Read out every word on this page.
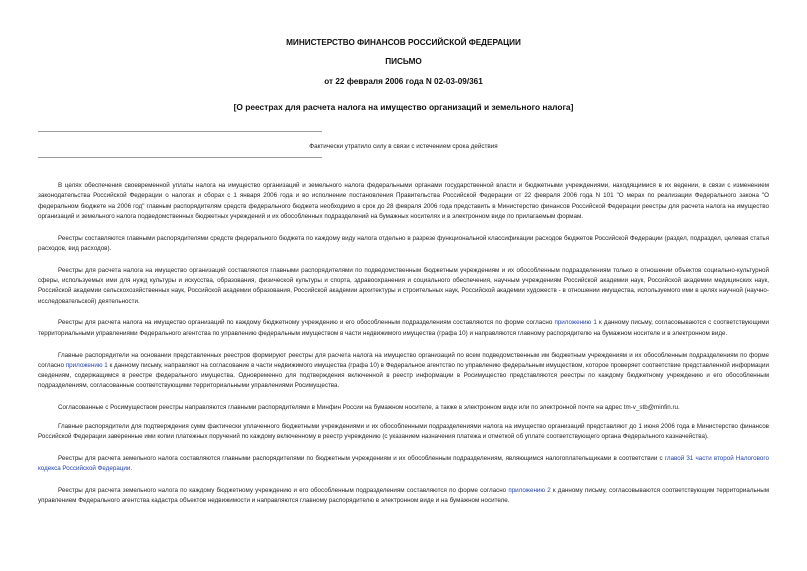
МИНИСТЕРСТВО ФИНАНСОВ РОССИЙСКОЙ ФЕДЕРАЦИИ
ПИСЬМО
от 22 февраля 2006 года N 02-03-09/361
[О реестрах для расчета налога на имущество организаций и земельного налога]
Фактически утратило силу в связи с истечением срока действия

В целях обеспечения своевременной уплаты налога на имущество организаций и земельного налога федеральными органами государственной власти и бюджетными учреждениями, находящимися в их ведении, в связи с изменением законодательства Российской Федерации о налогах и сборах с 1 января 2006 года и во исполнение постановления Правительства Российской Федерации от 22 февраля 2006 года N 101 "О мерах по реализации Федерального закона "О федеральном бюджете на 2006 год" главным распорядителям средств федерального бюджета необходимо в срок до 28 февраля 2006 года представить в Министерство финансов Российской Федерации реестры для расчета налога на имущество организаций и земельного налога подведомственных бюджетных учреждений и их обособленных подразделений на бумажных носителях и в электронном виде по прилагаемым формам.

Реестры составляются главными распорядителями средств федерального бюджета по каждому виду налога отдельно в разрезе функциональной классификации расходов бюджетов Российской Федерации (раздел, подраздел, целевая статья расходов, вид расходов).

Реестры для расчета налога на имущество организаций составляются главными распорядителями по подведомственным бюджетным учреждениям и их обособленным подразделениям только в отношении объектов социально-культурной сферы, используемых ими для нужд культуры и искусства, образования, физической культуры и спорта, здравоохранения и социального обеспечения, научным учреждениям Российской академии наук, Российской академии медицинских наук, Российской академии сельскохозяйственных наук, Российской академии образования, Российской академии архитектуры и строительных наук, Российской академии художеств - в отношении имущества, используемого ими в целях научной (научно-исследовательской) деятельности.

Реестры для расчета налога на имущество организаций по каждому бюджетному учреждению и его обособленным подразделениям составляются по форме согласно приложению 1 к данному письму, согласовываются с соответствующими территориальными управлениями Федерального агентства по управлению федеральным имуществом в части недвижимого имущества (графа 10) и направляются главному распорядителю на бумажном носителе и в электронном виде.

Главные распорядители на основании представленных реестров формируют реестры для расчета налога на имущество организаций по всем подведомственным им бюджетным учреждениям и их обособленным подразделениям по форме согласно приложению 1 к данному письму, направляют на согласование в части недвижимого имущества (графа 10) в Федеральное агентство по управлению федеральным имуществом, которое проверяет соответствие представленной информации сведениям, содержащимся в реестре федерального имущества. Одновременно для подтверждения включенной в реестр информации в Росимущество представляются реестры по каждому бюджетному учреждению и его обособленным подразделениям, согласованные соответствующими территориальными управлениями Росимущества.

Согласованные с Росимуществом реестры направляются главными распорядителями в Минфин России на бумажном носителе, а также в электронном виде или по электронной почте на адрес tm-v_stb@minfin.ru.

Главные распорядители для подтверждения сумм фактически уплаченного бюджетными учреждениями и их обособленными подразделениями налога на имущество организаций представляют до 1 июня 2006 года в Министерство финансов Российской Федерации заверенные ими копии платежных поручений по каждому включенному в реестр учреждению (с указанием назначения платежа и отметкой об уплате соответствующего органа Федерального казначейства).

Реестры для расчета земельного налога составляются главными распорядителями по бюджетным учреждениям и их обособленным подразделениям, являющимся налогоплательщиками в соответствии с главой 31 части второй Налогового кодекса Российской Федерации.

Реестры для расчета земельного налога по каждому бюджетному учреждению и его обособленным подразделениям составляются по форме согласно приложению 2 к данному письму, согласовываются соответствующим территориальным управлением Федерального агентства кадастра объектов недвижимости и направляются главному распорядителю в электронном виде и на бумажном носителе.
